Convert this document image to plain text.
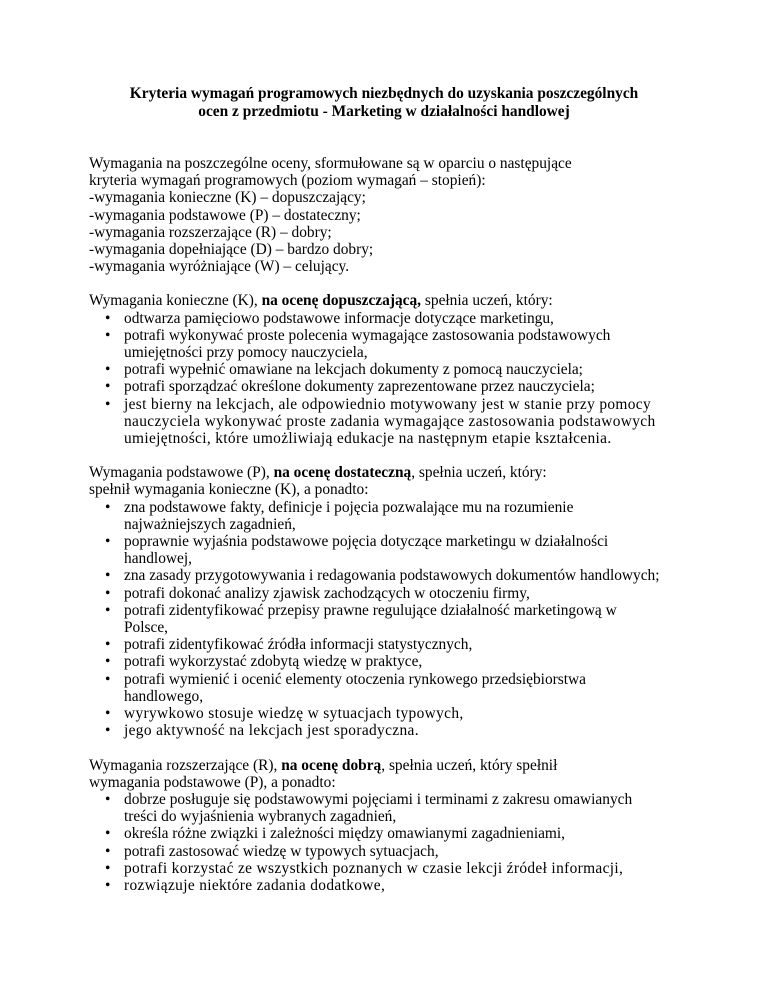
Kryteria wymagań programowych niezbędnych do uzyskania poszczególnych
ocen z przedmiotu - Marketing w działalności handlowej
Wymagania na poszczególne oceny, sformułowane są w oparciu o następujące
kryteria wymagań programowych (poziom wymagań – stopień):
-wymagania konieczne (K) – dopuszczający;
-wymagania podstawowe (P) – dostateczny;
-wymagania rozszerzające (R) – dobry;
-wymagania dopełniające (D) – bardzo dobry;
-wymagania wyróżniające (W) – celujący.
Wymagania konieczne (K), na ocenę dopuszczającą, spełnia uczeń, który:
• odtwarza pamięciowo podstawowe informacje dotyczące marketingu,
• potrafi wykonywać proste polecenia wymagające zastosowania podstawowych
umiejętności przy pomocy nauczyciela,
• potrafi wypełnić omawiane na lekcjach dokumenty z pomocą nauczyciela;
• potrafi sporządzać określone dokumenty zaprezentowane przez nauczyciela;
• jest bierny na lekcjach, ale odpowiednio motywowany jest w stanie przy pomocy
nauczyciela wykonywać proste zadania wymagające zastosowania podstawowych
umiejętności, które umożliwiają edukacje na następnym etapie kształcenia.
Wymagania podstawowe (P), na ocenę dostateczną, spełnia uczeń, który:
spełnił wymagania konieczne (K), a ponadto:
• zna podstawowe fakty, definicje i pojęcia pozwalające mu na rozumienie
najważniejszych zagadnień,
• poprawnie wyjaśnia podstawowe pojęcia dotyczące marketingu w działalności
handlowej,
• zna zasady przygotowywania i redagowania podstawowych dokumentów handlowych;
• potrafi dokonać analizy zjawisk zachodzących w otoczeniu firmy,
• potrafi zidentyfikować przepisy prawne regulujące działalność marketingową w
Polsce,
• potrafi zidentyfikować źródła informacji statystycznych,
• potrafi wykorzystać zdobytą wiedzę w praktyce,
• potrafi wymienić i ocenić elementy otoczenia rynkowego przedsiębiorstwa
handlowego,
• wyrywkowo stosuje wiedzę w sytuacjach typowych,
• jego aktywność na lekcjach jest sporadyczna.
Wymagania rozszerzające (R), na ocenę dobrą, spełnia uczeń, który spełnił
wymagania podstawowe (P), a ponadto:
• dobrze posługuje się podstawowymi pojęciami i terminami z zakresu omawianych
treści do wyjaśnienia wybranych zagadnień,
• określa różne związki i zależności między omawianymi zagadnieniami,
• potrafi zastosować wiedzę w typowych sytuacjach,
• potrafi korzystać ze wszystkich poznanych w czasie lekcji źródeł informacji,
• rozwiązuje niektóre zadania dodatkowe,
